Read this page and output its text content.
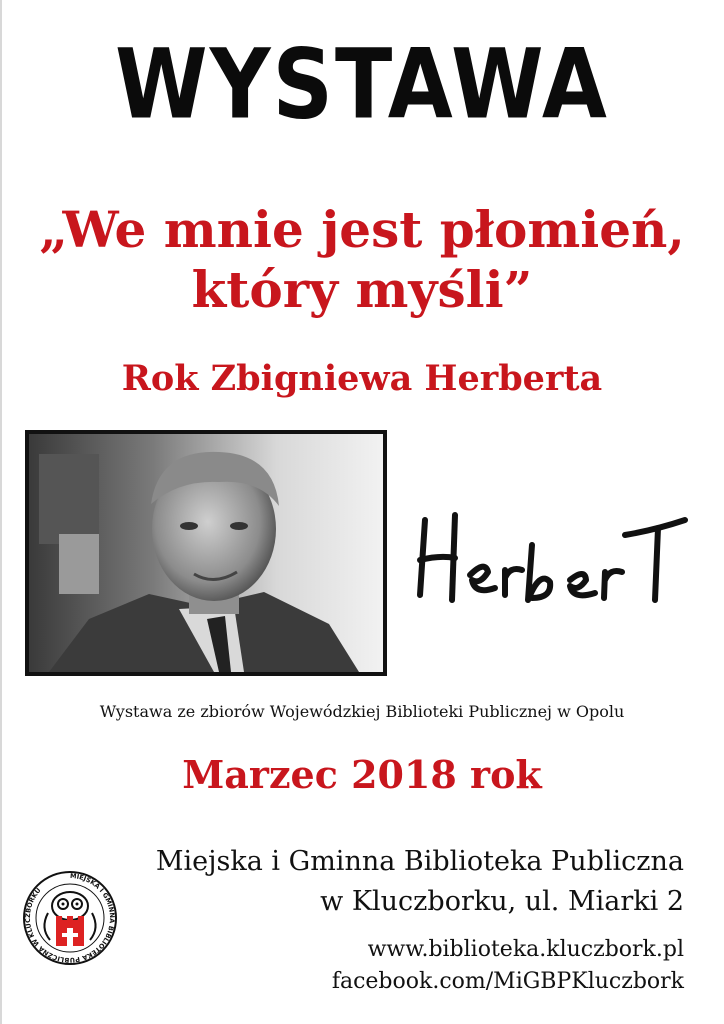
WYSTAWA
„We mnie jest płomień,
który myśli”
Rok Zbigniewa Herberta
Wystawa ze zbiorów Wojewódzkiej Biblioteki Publicznej w Opolu
Marzec 2018 rok
MIEJSKA I GMINNA BIBLIOTEKA PUBLICZNA W KLUCZBORKU
Miejska i Gminna Biblioteka Publiczna
w Kluczborku, ul. Miarki 2
www.biblioteka.kluczbork.pl
facebook.com/MiGBPKluczbork
